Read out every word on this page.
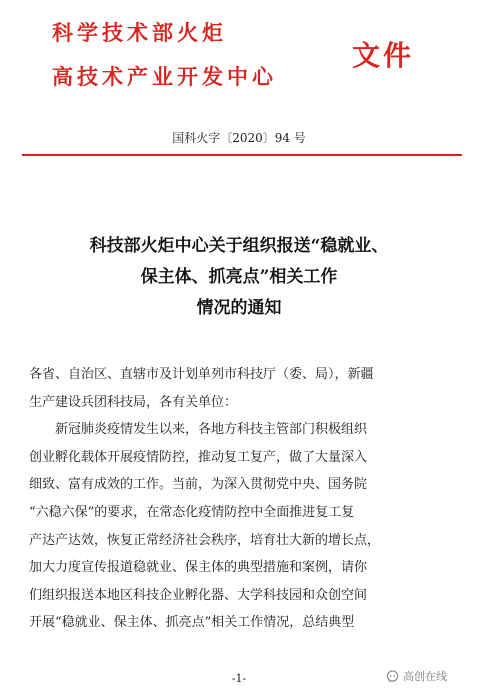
科学技术部火炬
高技术产业开发中心
文件
国科火字〔2020〕94 号
科技部火炬中心关于组织报送“稳就业、
保主体、抓亮点”相关工作
情况的通知
各省、自治区、直辖市及计划单列市科技厅（委、局），新疆
生产建设兵团科技局，各有关单位：
新冠肺炎疫情发生以来，各地方科技主管部门积极组织
创业孵化载体开展疫情防控，推动复工复产，做了大量深入
细致、富有成效的工作。当前，为深入贯彻党中央、国务院
“六稳六保”的要求，在常态化疫情防控中全面推进复工复
产达产达效，恢复正常经济社会秩序，培育壮大新的增长点，
加大力度宣传报道稳就业、保主体的典型措施和案例，请你
们组织报送本地区科技企业孵化器、大学科技园和众创空间
开展“稳就业、保主体、抓亮点”相关工作情况，总结典型
-1-	高创在线
